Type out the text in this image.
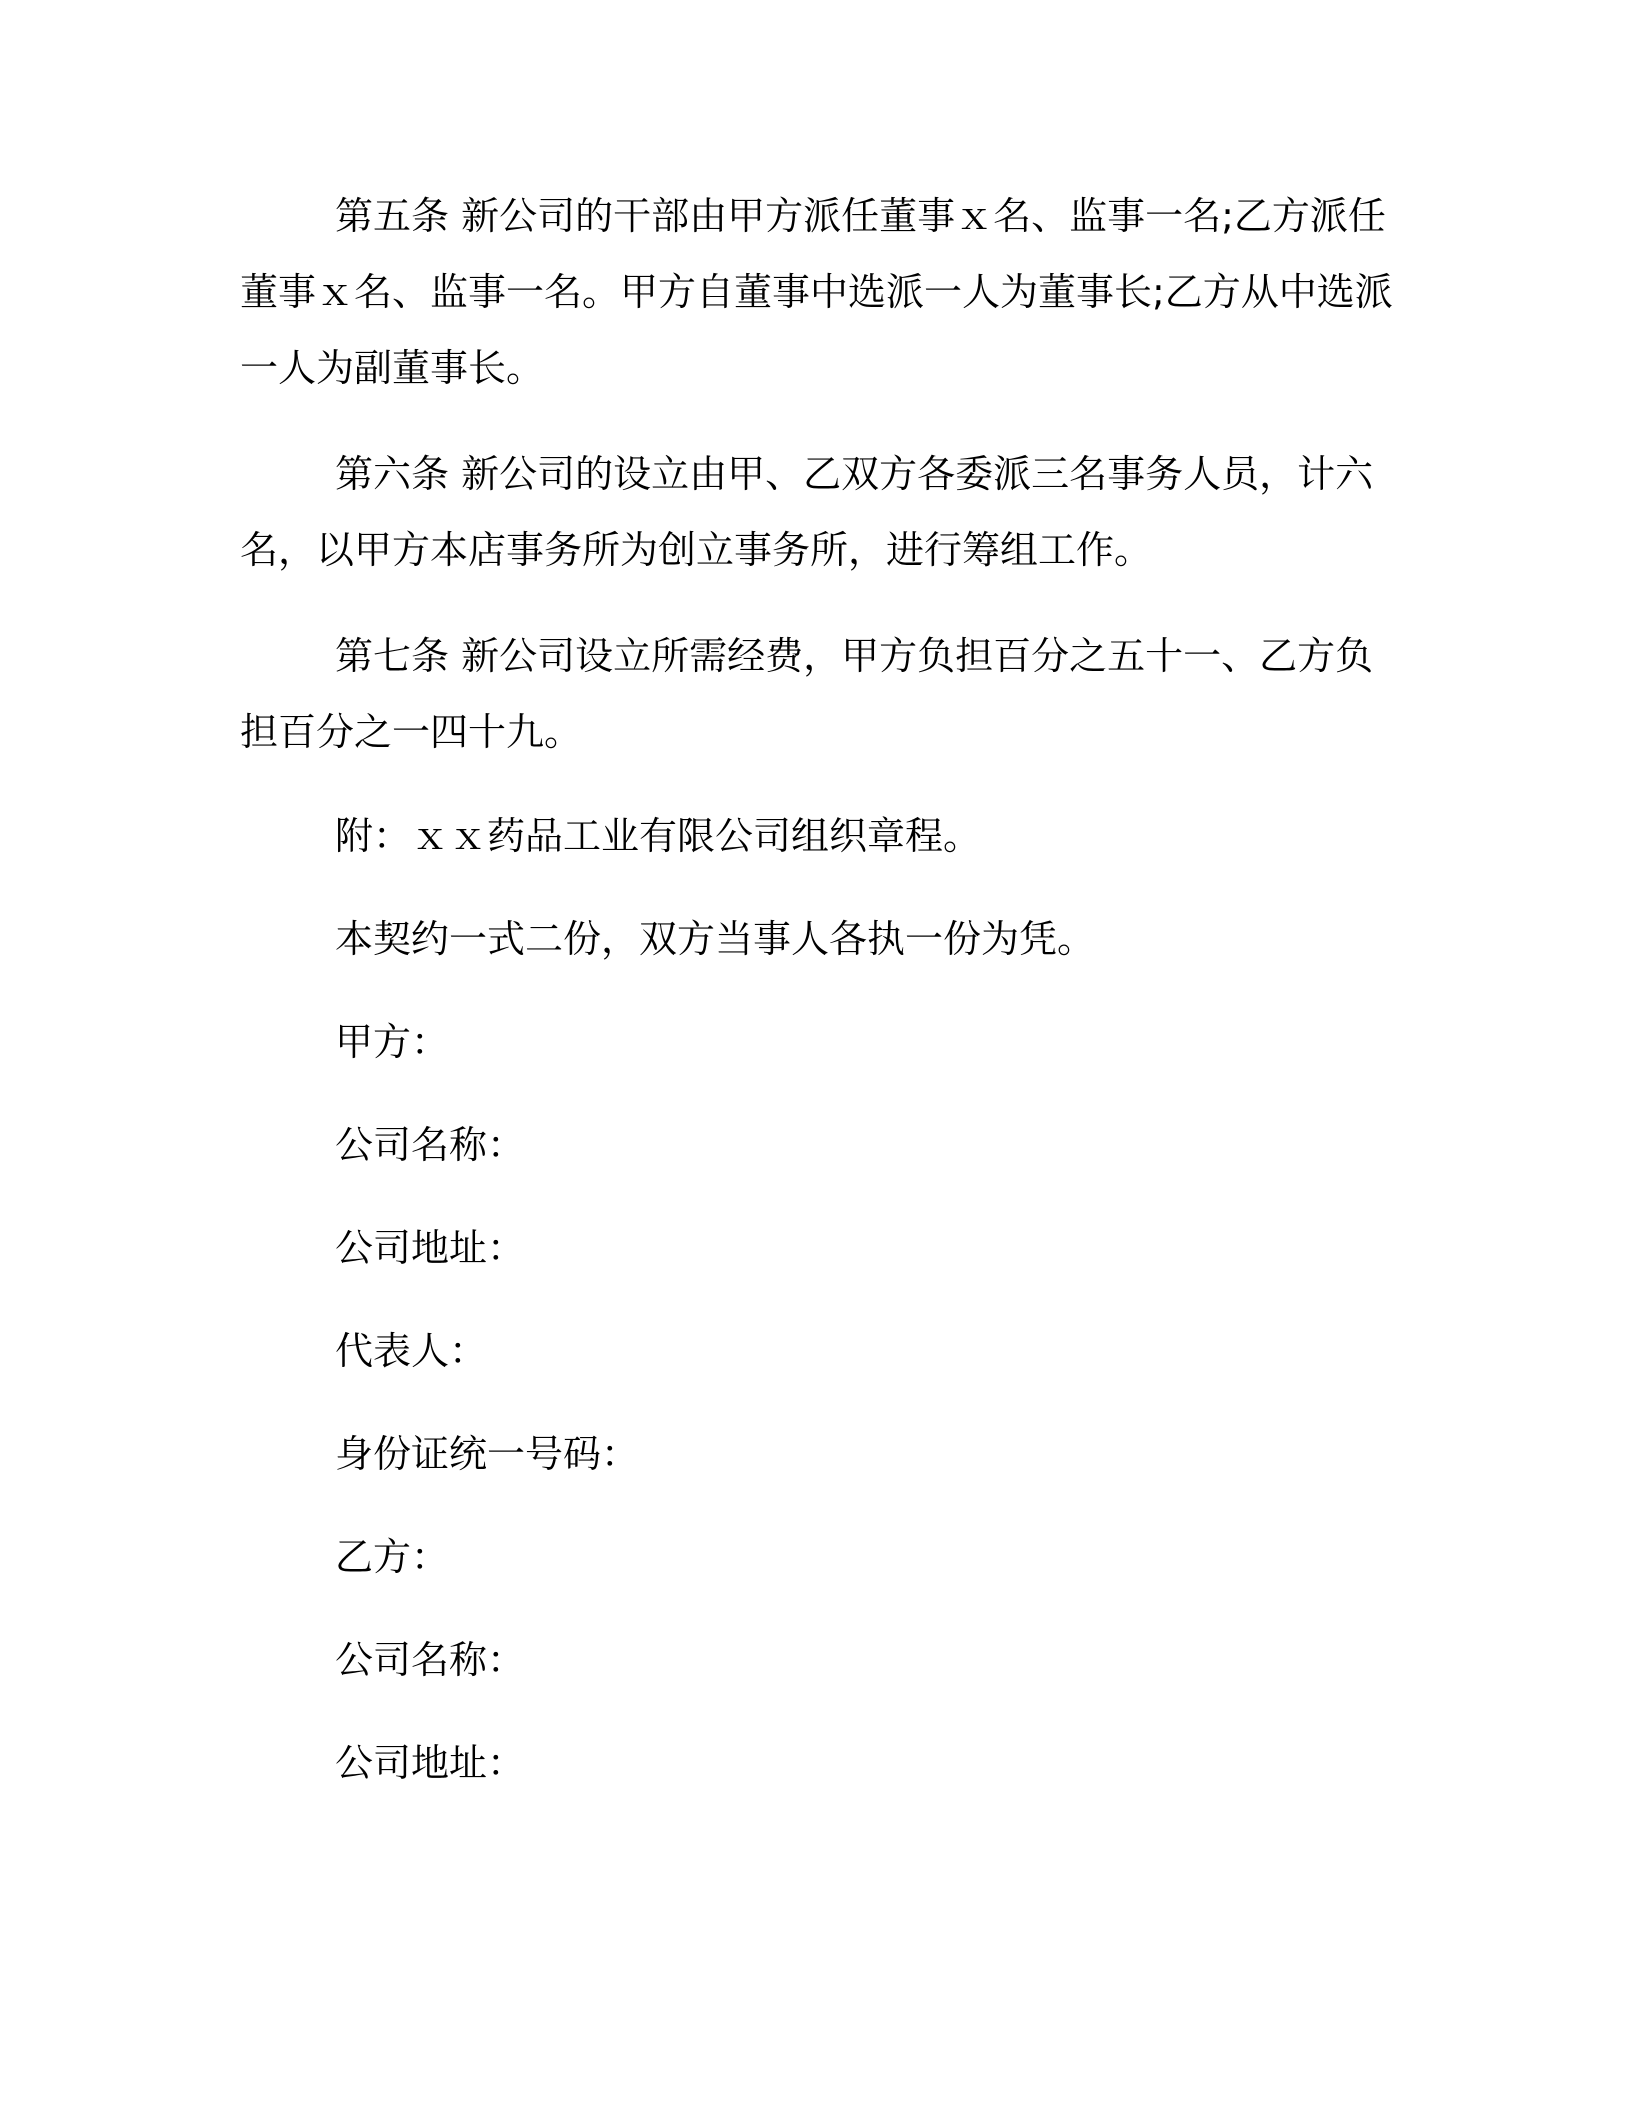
第五条 新公司的干部由甲方派任董事ｘ名、监事一名;乙方派任董事ｘ名、监事一名。甲方自董事中选派一人为董事长;乙方从中选派一人为副董事长。

第六条 新公司的设立由甲、乙双方各委派三名事务人员，计六名，以甲方本店事务所为创立事务所，进行筹组工作。

第七条 新公司设立所需经费，甲方负担百分之五十一、乙方负担百分之一四十九。

附：ｘｘ药品工业有限公司组织章程。

本契约一式二份，双方当事人各执一份为凭。

甲方：

公司名称：

公司地址：

代表人：

身份证统一号码：

乙方：

公司名称：

公司地址：
